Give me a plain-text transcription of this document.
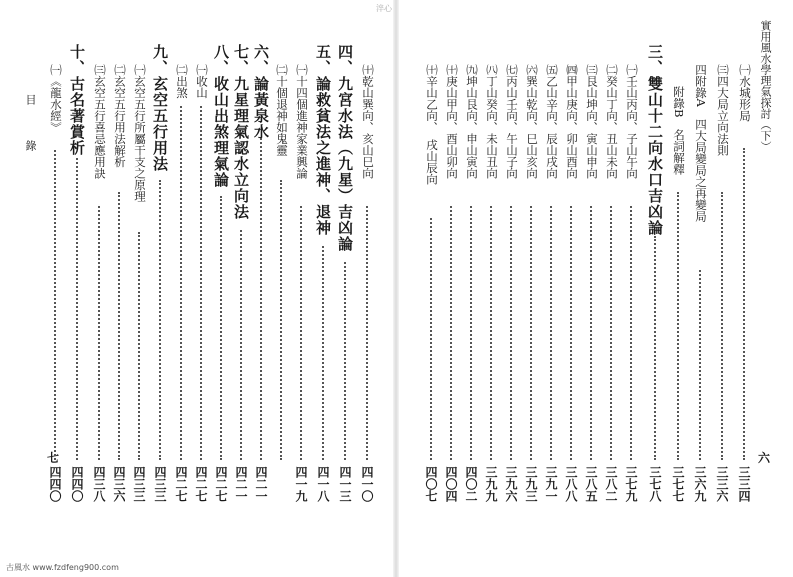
淬心
實用風水學理氣探討（下）
六
目　錄
七
㈠水城形局
三三四
㈢四大局立向法則
三三六
四附錄A　四大局變局之再變局
三六九
附錄B　名詞解釋
三七七
三、雙山十二向水口吉凶論
三七八
㈠壬山丙向、子山午向
三七九
㈡癸山丁向、丑山未向
三八二
㈢艮山坤向、寅山申向
三八五
㈣甲山庚向、卯山酉向
三八八
㈤乙山辛向、辰山戌向
三九一
㈥巽山乾向、巳山亥向
三九三
㈦丙山壬向、午山子向
三九六
㈧丁山癸向、未山丑向
三九九
㈨坤山艮向、申山寅向
四〇二
㈩庚山甲向、酉山卯向
四〇四
㈩辛山乙向、　戌山辰向
四〇七
㈩乾山巽向、亥山巳向
四一〇
四、九宮水法（九星）吉凶論
四一三
五、論救貧法之進神、退神
四一八
㈠十四個進神家業興論
四一九
㈡十個退神如鬼靈
六、論黃泉水
四二一
七、九星理氣認水立向法
四二一
八、收山出煞理氣論
四二七
㈠收山
四二七
㈡出煞
四二七
九、玄空五行用法
四三三
㈠玄空五行所屬干支之原理
四三三
㈡玄空五行用法解析
四三六
㈢玄空五行喜忌應用訣
四三八
十、古名著賞析
四四〇
㈠《龍水經》
四四〇
古風水 www.fzdfeng900.com
